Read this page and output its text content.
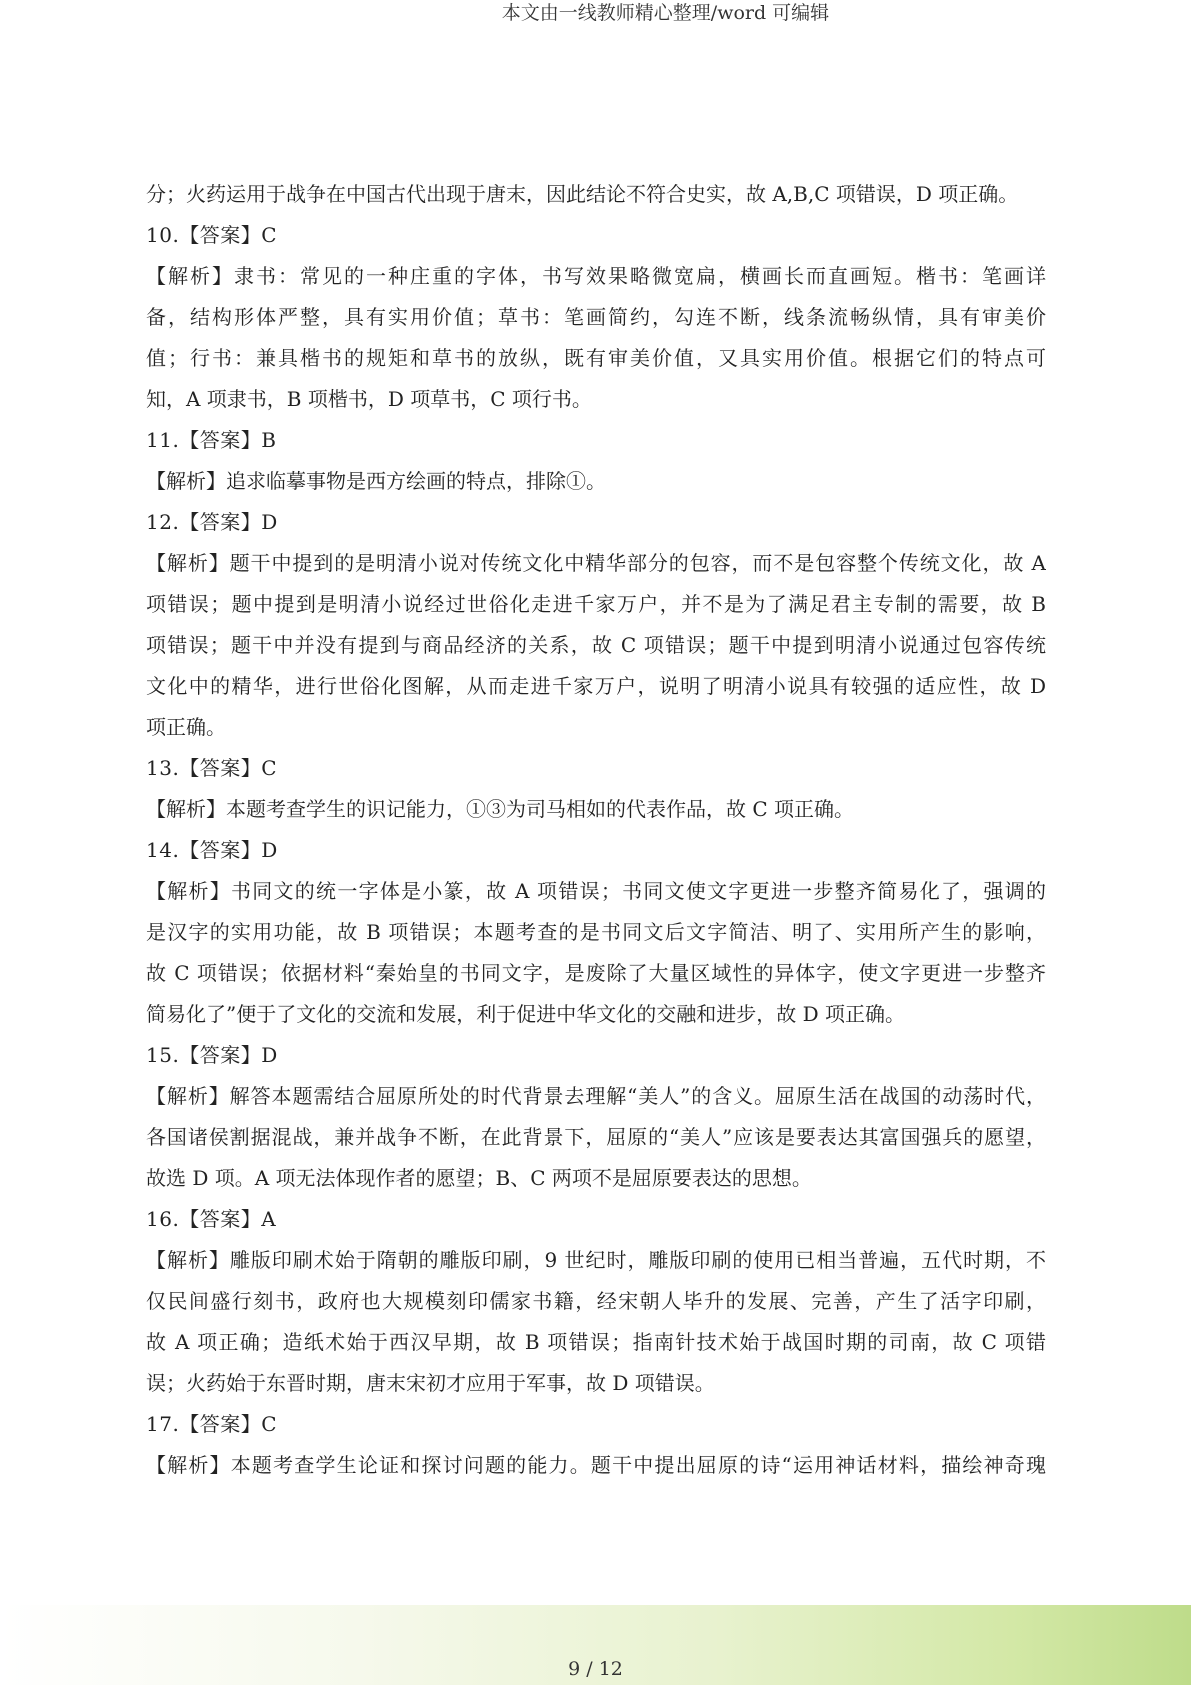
本文由一线教师精心整理/word 可编辑
分；火药运用于战争在中国古代出现于唐末，因此结论不符合史实，故 A,B,C 项错误，D 项正确。
10.【答案】C
【解析】隶书：常见的一种庄重的字体，书写效果略微宽扁，横画长而直画短。楷书：笔画详
备，结构形体严整，具有实用价值；草书：笔画简约，勾连不断，线条流畅纵情，具有审美价
值；行书：兼具楷书的规矩和草书的放纵，既有审美价值，又具实用价值。根据它们的特点可
知，A 项隶书，B 项楷书，D 项草书，C 项行书。
11.【答案】B
【解析】追求临摹事物是西方绘画的特点，排除①。
12.【答案】D
【解析】题干中提到的是明清小说对传统文化中精华部分的包容，而不是包容整个传统文化，故 A
项错误；题中提到是明清小说经过世俗化走进千家万户，并不是为了满足君主专制的需要，故 B
项错误；题干中并没有提到与商品经济的关系，故 C 项错误；题干中提到明清小说通过包容传统
文化中的精华，进行世俗化图解，从而走进千家万户，说明了明清小说具有较强的适应性，故 D
项正确。
13.【答案】C
【解析】本题考查学生的识记能力，①③为司马相如的代表作品，故 C 项正确。
14.【答案】D
【解析】书同文的统一字体是小篆，故 A 项错误；书同文使文字更进一步整齐简易化了，强调的
是汉字的实用功能，故 B 项错误；本题考查的是书同文后文字简洁、明了、实用所产生的影响，
故 C 项错误；依据材料“秦始皇的书同文字，是废除了大量区域性的异体字，使文字更进一步整齐
简易化了”便于了文化的交流和发展，利于促进中华文化的交融和进步，故 D 项正确。
15.【答案】D
【解析】解答本题需结合屈原所处的时代背景去理解“美人”的含义。屈原生活在战国的动荡时代，
各国诸侯割据混战，兼并战争不断，在此背景下，屈原的“美人”应该是要表达其富国强兵的愿望，
故选 D 项。A 项无法体现作者的愿望；B、C 两项不是屈原要表达的思想。
16.【答案】A
【解析】雕版印刷术始于隋朝的雕版印刷，9 世纪时，雕版印刷的使用已相当普遍，五代时期，不
仅民间盛行刻书，政府也大规模刻印儒家书籍，经宋朝人毕升的发展、完善，产生了活字印刷，
故 A 项正确；造纸术始于西汉早期，故 B 项错误；指南针技术始于战国时期的司南，故 C 项错
误；火药始于东晋时期，唐末宋初才应用于军事，故 D 项错误。
17.【答案】C
【解析】本题考查学生论证和探讨问题的能力。题干中提出屈原的诗“运用神话材料，描绘神奇瑰
9 / 12
